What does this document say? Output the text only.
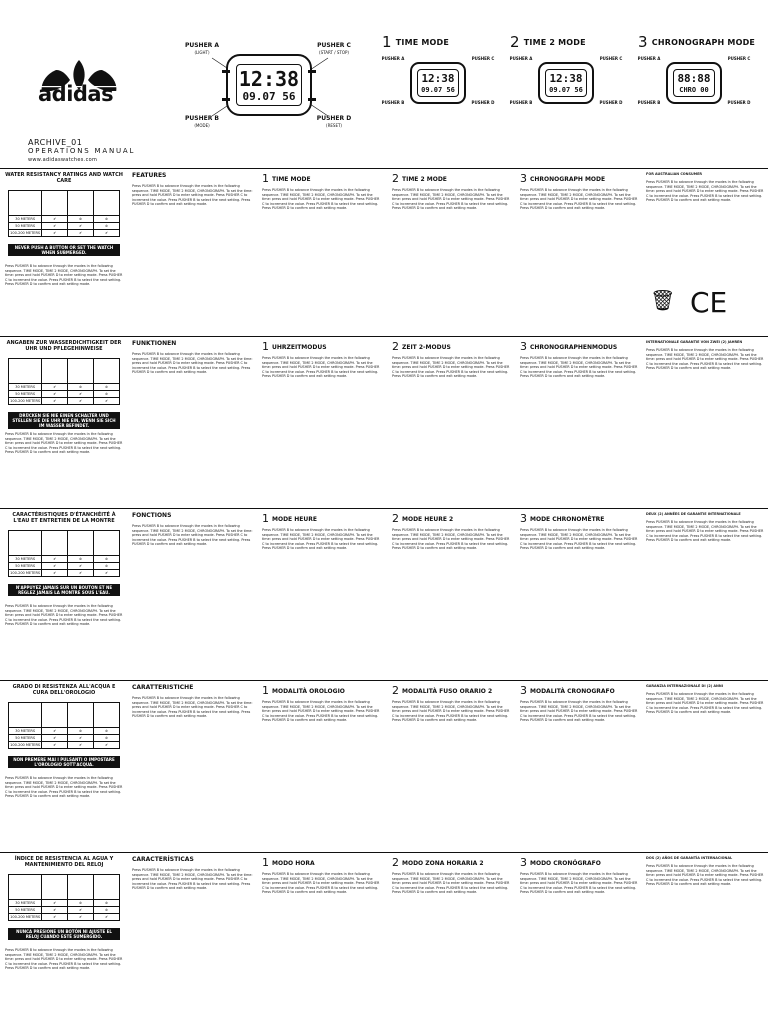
adidas
ARCHIVE_01
OPERATIONS MANUAL
www.adidaswatches.com
PUSHER A
(LIGHT)
PUSHER B
(MODE)
PUSHER C
(START / STOP)
PUSHER D
(RESET)
12:38
09.07 56
1 TIME MODE	2 TIME 2 MODE	3 CHRONOGRAPH MODE
12:38
09.07 56
12:38
09.07 56
88:88
CHRO 00
PUSHER A	PUSHER C
PUSHER B	PUSHER D
PUSHER A	PUSHER C
PUSHER B	PUSHER D
PUSHER A	PUSHER C
PUSHER B	PUSHER D
WATER RESISTANCY RATINGS AND WATCH CARE

30 METERS	✔	⊘	⊘
50 METERS	✔	✔	⊘
100-200 METERS	✔	✔	✔
NEVER PUSH A BUTTON OR SET THE WATCH WHEN SUBMERGED.
Press PUSHER B to advance through the modes in the following sequence. TIME MODE, TIME 2 MODE, CHRONOGRAPH. To set the time: press and hold PUSHER D to enter setting mode. Press PUSHER C to increment the value. Press PUSHER B to select the next setting. Press PUSHER D to confirm and exit setting mode.
FEATURES
Press PUSHER B to advance through the modes in the following sequence. TIME MODE, TIME 2 MODE, CHRONOGRAPH. To set the time: press and hold PUSHER D to enter setting mode. Press PUSHER C to increment the value. Press PUSHER B to select the next setting. Press PUSHER D to confirm and exit setting mode.
1 TIME MODE
Press PUSHER B to advance through the modes in the following sequence. TIME MODE, TIME 2 MODE, CHRONOGRAPH. To set the time: press and hold PUSHER D to enter setting mode. Press PUSHER C to increment the value. Press PUSHER B to select the next setting. Press PUSHER D to confirm and exit setting mode.
2 TIME 2 MODE
Press PUSHER B to advance through the modes in the following sequence. TIME MODE, TIME 2 MODE, CHRONOGRAPH. To set the time: press and hold PUSHER D to enter setting mode. Press PUSHER C to increment the value. Press PUSHER B to select the next setting. Press PUSHER D to confirm and exit setting mode.
3 CHRONOGRAPH MODE
Press PUSHER B to advance through the modes in the following sequence. TIME MODE, TIME 2 MODE, CHRONOGRAPH. To set the time: press and hold PUSHER D to enter setting mode. Press PUSHER C to increment the value. Press PUSHER B to select the next setting. Press PUSHER D to confirm and exit setting mode.
FOR AUSTRALIAN CONSUMER
Press PUSHER B to advance through the modes in the following sequence. TIME MODE, TIME 2 MODE, CHRONOGRAPH. To set the time: press and hold PUSHER D to enter setting mode. Press PUSHER C to increment the value. Press PUSHER B to select the next setting. Press PUSHER D to confirm and exit setting mode.
🗑 CE
ANGABEN ZUR WASSERDICHTIGKEIT DER UHR UND PFLEGEHINWEISE

30 METERS	✔	⊘	⊘
50 METERS	✔	✔	⊘
100-200 METERS	✔	✔	✔
DRÜCKEN SIE NIE EINEN SCHALTER UND STELLEN SIE DIE UHR NIE EIN, WENN SIE SICH IM WASSER BEFINDET.
Press PUSHER B to advance through the modes in the following sequence. TIME MODE, TIME 2 MODE, CHRONOGRAPH. To set the time: press and hold PUSHER D to enter setting mode. Press PUSHER C to increment the value. Press PUSHER B to select the next setting. Press PUSHER D to confirm and exit setting mode.
FUNKTIONEN
Press PUSHER B to advance through the modes in the following sequence. TIME MODE, TIME 2 MODE, CHRONOGRAPH. To set the time: press and hold PUSHER D to enter setting mode. Press PUSHER C to increment the value. Press PUSHER B to select the next setting. Press PUSHER D to confirm and exit setting mode.
1 UHRZEITMODUS
Press PUSHER B to advance through the modes in the following sequence. TIME MODE, TIME 2 MODE, CHRONOGRAPH. To set the time: press and hold PUSHER D to enter setting mode. Press PUSHER C to increment the value. Press PUSHER B to select the next setting. Press PUSHER D to confirm and exit setting mode.
2 ZEIT 2-MODUS
Press PUSHER B to advance through the modes in the following sequence. TIME MODE, TIME 2 MODE, CHRONOGRAPH. To set the time: press and hold PUSHER D to enter setting mode. Press PUSHER C to increment the value. Press PUSHER B to select the next setting. Press PUSHER D to confirm and exit setting mode.
3 CHRONOGRAPHENMODUS
Press PUSHER B to advance through the modes in the following sequence. TIME MODE, TIME 2 MODE, CHRONOGRAPH. To set the time: press and hold PUSHER D to enter setting mode. Press PUSHER C to increment the value. Press PUSHER B to select the next setting. Press PUSHER D to confirm and exit setting mode.
INTERNATIONALE GARANTIE VON ZWEI (2) JAHREN
Press PUSHER B to advance through the modes in the following sequence. TIME MODE, TIME 2 MODE, CHRONOGRAPH. To set the time: press and hold PUSHER D to enter setting mode. Press PUSHER C to increment the value. Press PUSHER B to select the next setting. Press PUSHER D to confirm and exit setting mode.
CARACTÉRISTIQUES D'ÉTANCHÉITÉ À L'EAU ET ENTRETIEN DE LA MONTRE

30 METERS	✔	⊘	⊘
50 METERS	✔	✔	⊘
100-200 METERS	✔	✔	✔
N'APPUYEZ JAMAIS SUR UN BOUTON ET NE RÉGLEZ JAMAIS LA MONTRE SOUS L'EAU.
Press PUSHER B to advance through the modes in the following sequence. TIME MODE, TIME 2 MODE, CHRONOGRAPH. To set the time: press and hold PUSHER D to enter setting mode. Press PUSHER C to increment the value. Press PUSHER B to select the next setting. Press PUSHER D to confirm and exit setting mode.
FONCTIONS
Press PUSHER B to advance through the modes in the following sequence. TIME MODE, TIME 2 MODE, CHRONOGRAPH. To set the time: press and hold PUSHER D to enter setting mode. Press PUSHER C to increment the value. Press PUSHER B to select the next setting. Press PUSHER D to confirm and exit setting mode.
1 MODE HEURE
Press PUSHER B to advance through the modes in the following sequence. TIME MODE, TIME 2 MODE, CHRONOGRAPH. To set the time: press and hold PUSHER D to enter setting mode. Press PUSHER C to increment the value. Press PUSHER B to select the next setting. Press PUSHER D to confirm and exit setting mode.
2 MODE HEURE 2
Press PUSHER B to advance through the modes in the following sequence. TIME MODE, TIME 2 MODE, CHRONOGRAPH. To set the time: press and hold PUSHER D to enter setting mode. Press PUSHER C to increment the value. Press PUSHER B to select the next setting. Press PUSHER D to confirm and exit setting mode.
3 MODE CHRONOMÈTRE
Press PUSHER B to advance through the modes in the following sequence. TIME MODE, TIME 2 MODE, CHRONOGRAPH. To set the time: press and hold PUSHER D to enter setting mode. Press PUSHER C to increment the value. Press PUSHER B to select the next setting. Press PUSHER D to confirm and exit setting mode.
DEUX (2) ANNÉES DE GARANTIE INTERNATIONALE
Press PUSHER B to advance through the modes in the following sequence. TIME MODE, TIME 2 MODE, CHRONOGRAPH. To set the time: press and hold PUSHER D to enter setting mode. Press PUSHER C to increment the value. Press PUSHER B to select the next setting. Press PUSHER D to confirm and exit setting mode.
GRADO DI RESISTENZA ALL'ACQUA E CURA DELL'OROLOGIO

30 METERS	✔	⊘	⊘
50 METERS	✔	✔	⊘
100-200 METERS	✔	✔	✔
NON PREMERE MAI I PULSANTI O IMPOSTARE L'OROLOGIO SOTT'ACQUA.
Press PUSHER B to advance through the modes in the following sequence. TIME MODE, TIME 2 MODE, CHRONOGRAPH. To set the time: press and hold PUSHER D to enter setting mode. Press PUSHER C to increment the value. Press PUSHER B to select the next setting. Press PUSHER D to confirm and exit setting mode.
CARATTERISTICHE
Press PUSHER B to advance through the modes in the following sequence. TIME MODE, TIME 2 MODE, CHRONOGRAPH. To set the time: press and hold PUSHER D to enter setting mode. Press PUSHER C to increment the value. Press PUSHER B to select the next setting. Press PUSHER D to confirm and exit setting mode.
1 MODALITÀ OROLOGIO
Press PUSHER B to advance through the modes in the following sequence. TIME MODE, TIME 2 MODE, CHRONOGRAPH. To set the time: press and hold PUSHER D to enter setting mode. Press PUSHER C to increment the value. Press PUSHER B to select the next setting. Press PUSHER D to confirm and exit setting mode.
2 MODALITÀ FUSO ORARIO 2
Press PUSHER B to advance through the modes in the following sequence. TIME MODE, TIME 2 MODE, CHRONOGRAPH. To set the time: press and hold PUSHER D to enter setting mode. Press PUSHER C to increment the value. Press PUSHER B to select the next setting. Press PUSHER D to confirm and exit setting mode.
3 MODALITÀ CRONOGRAFO
Press PUSHER B to advance through the modes in the following sequence. TIME MODE, TIME 2 MODE, CHRONOGRAPH. To set the time: press and hold PUSHER D to enter setting mode. Press PUSHER C to increment the value. Press PUSHER B to select the next setting. Press PUSHER D to confirm and exit setting mode.
GARANZIA INTERNAZIONALE DI (2) ANNI
Press PUSHER B to advance through the modes in the following sequence. TIME MODE, TIME 2 MODE, CHRONOGRAPH. To set the time: press and hold PUSHER D to enter setting mode. Press PUSHER C to increment the value. Press PUSHER B to select the next setting. Press PUSHER D to confirm and exit setting mode.
ÍNDICE DE RESISTENCIA AL AGUA Y MANTENIMIENTO DEL RELOJ

30 METERS	✔	⊘	⊘
50 METERS	✔	✔	⊘
100-200 METERS	✔	✔	✔
NUNCA PRESIONE UN BOTÓN NI AJUSTE EL RELOJ CUANDO ESTÉ SUMERGIDO.
Press PUSHER B to advance through the modes in the following sequence. TIME MODE, TIME 2 MODE, CHRONOGRAPH. To set the time: press and hold PUSHER D to enter setting mode. Press PUSHER C to increment the value. Press PUSHER B to select the next setting. Press PUSHER D to confirm and exit setting mode.
CARACTERÍSTICAS
Press PUSHER B to advance through the modes in the following sequence. TIME MODE, TIME 2 MODE, CHRONOGRAPH. To set the time: press and hold PUSHER D to enter setting mode. Press PUSHER C to increment the value. Press PUSHER B to select the next setting. Press PUSHER D to confirm and exit setting mode.
1 MODO HORA
Press PUSHER B to advance through the modes in the following sequence. TIME MODE, TIME 2 MODE, CHRONOGRAPH. To set the time: press and hold PUSHER D to enter setting mode. Press PUSHER C to increment the value. Press PUSHER B to select the next setting. Press PUSHER D to confirm and exit setting mode.
2 MODO ZONA HORARIA 2
Press PUSHER B to advance through the modes in the following sequence. TIME MODE, TIME 2 MODE, CHRONOGRAPH. To set the time: press and hold PUSHER D to enter setting mode. Press PUSHER C to increment the value. Press PUSHER B to select the next setting. Press PUSHER D to confirm and exit setting mode.
3 MODO CRONÓGRAFO
Press PUSHER B to advance through the modes in the following sequence. TIME MODE, TIME 2 MODE, CHRONOGRAPH. To set the time: press and hold PUSHER D to enter setting mode. Press PUSHER C to increment the value. Press PUSHER B to select the next setting. Press PUSHER D to confirm and exit setting mode.
DOS (2) AÑOS DE GARANTÍA INTERNACIONAL
Press PUSHER B to advance through the modes in the following sequence. TIME MODE, TIME 2 MODE, CHRONOGRAPH. To set the time: press and hold PUSHER D to enter setting mode. Press PUSHER C to increment the value. Press PUSHER B to select the next setting. Press PUSHER D to confirm and exit setting mode.
